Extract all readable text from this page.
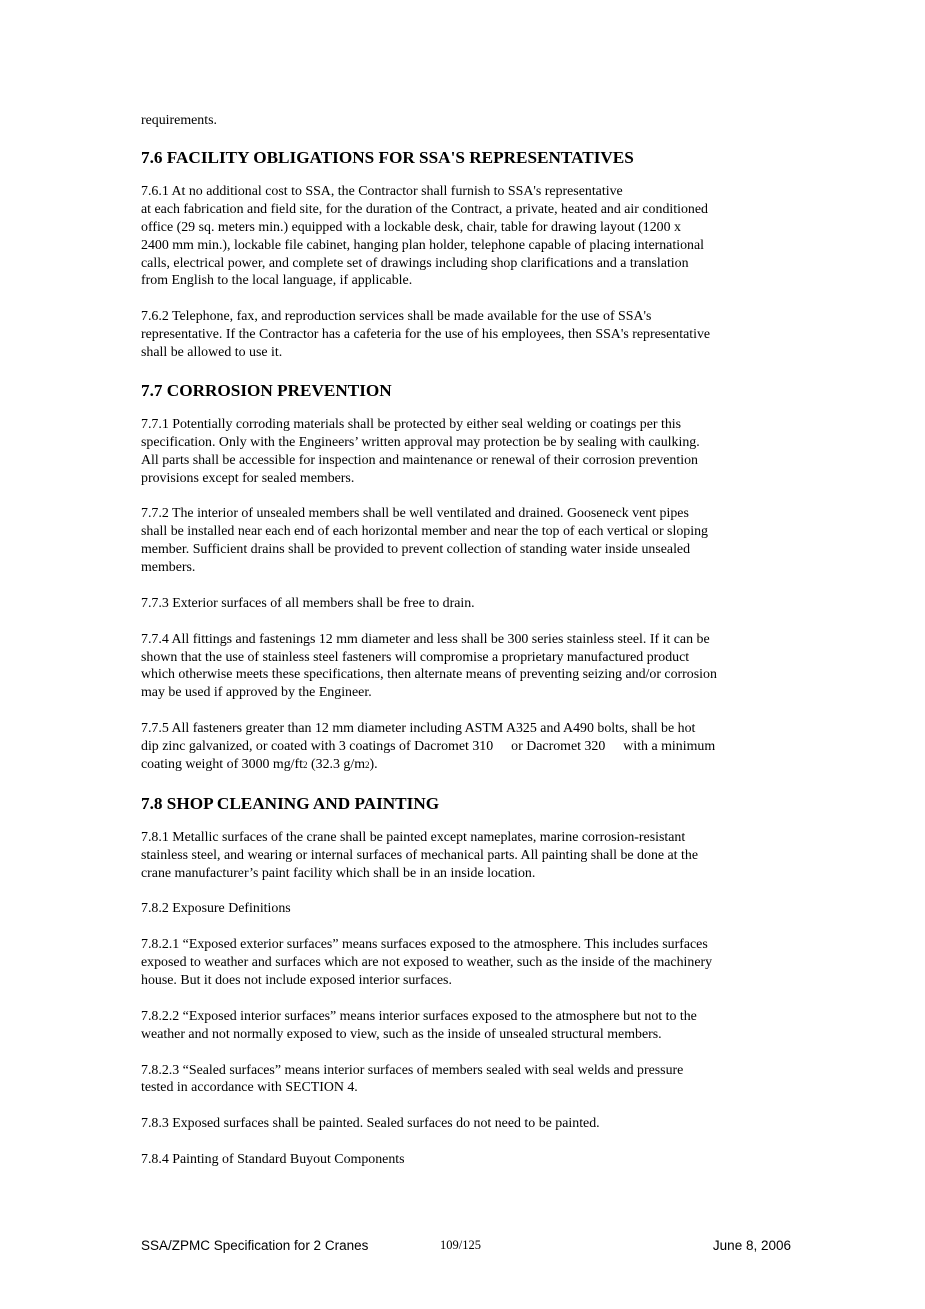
requirements.

7.6 FACILITY OBLIGATIONS FOR SSA'S REPRESENTATIVES

7.6.1 At no additional cost to SSA, the Contractor shall furnish to SSA's representative
at each fabrication and field site, for the duration of the Contract, a private, heated and air conditioned
office (29 sq. meters min.) equipped with a lockable desk, chair, table for drawing layout (1200 x
2400 mm min.), lockable file cabinet, hanging plan holder, telephone capable of placing international
calls, electrical power, and complete set of drawings including shop clarifications and a translation
from English to the local language, if applicable.

7.6.2 Telephone, fax, and reproduction services shall be made available for the use of SSA's
representative. If the Contractor has a cafeteria for the use of his employees, then SSA's representative
shall be allowed to use it.

7.7 CORROSION PREVENTION

7.7.1 Potentially corroding materials shall be protected by either seal welding or coatings per this
specification. Only with the Engineers’ written approval may protection be by sealing with caulking.
All parts shall be accessible for inspection and maintenance or renewal of their corrosion prevention
provisions except for sealed members.

7.7.2 The interior of unsealed members shall be well ventilated and drained. Gooseneck vent pipes
shall be installed near each end of each horizontal member and near the top of each vertical or sloping
member. Sufficient drains shall be provided to prevent collection of standing water inside unsealed
members.

7.7.3 Exterior surfaces of all members shall be free to drain.

7.7.4 All fittings and fastenings 12 mm diameter and less shall be 300 series stainless steel. If it can be
shown that the use of stainless steel fasteners will compromise a proprietary manufactured product
which otherwise meets these specifications, then alternate means of preventing seizing and/or corrosion
may be used if approved by the Engineer.

7.7.5 All fasteners greater than 12 mm diameter including ASTM A325 and A490 bolts, shall be hot
dip zinc galvanized, or coated with 3 coatings of Dacromet 310 or Dacromet 320 with a minimum
coating weight of 3000 mg/ft2 (32.3 g/m2).

7.8 SHOP CLEANING AND PAINTING

7.8.1 Metallic surfaces of the crane shall be painted except nameplates, marine corrosion-resistant
stainless steel, and wearing or internal surfaces of mechanical parts. All painting shall be done at the
crane manufacturer’s paint facility which shall be in an inside location.

7.8.2 Exposure Definitions

7.8.2.1 “Exposed exterior surfaces” means surfaces exposed to the atmosphere. This includes surfaces
exposed to weather and surfaces which are not exposed to weather, such as the inside of the machinery
house. But it does not include exposed interior surfaces.

7.8.2.2 “Exposed interior surfaces” means interior surfaces exposed to the atmosphere but not to the
weather and not normally exposed to view, such as the inside of unsealed structural members.

7.8.2.3 “Sealed surfaces” means interior surfaces of members sealed with seal welds and pressure
tested in accordance with SECTION 4.

7.8.3 Exposed surfaces shall be painted. Sealed surfaces do not need to be painted.

7.8.4 Painting of Standard Buyout Components

SSA/ZPMC Specification for 2 Cranes	109/125	June 8, 2006
